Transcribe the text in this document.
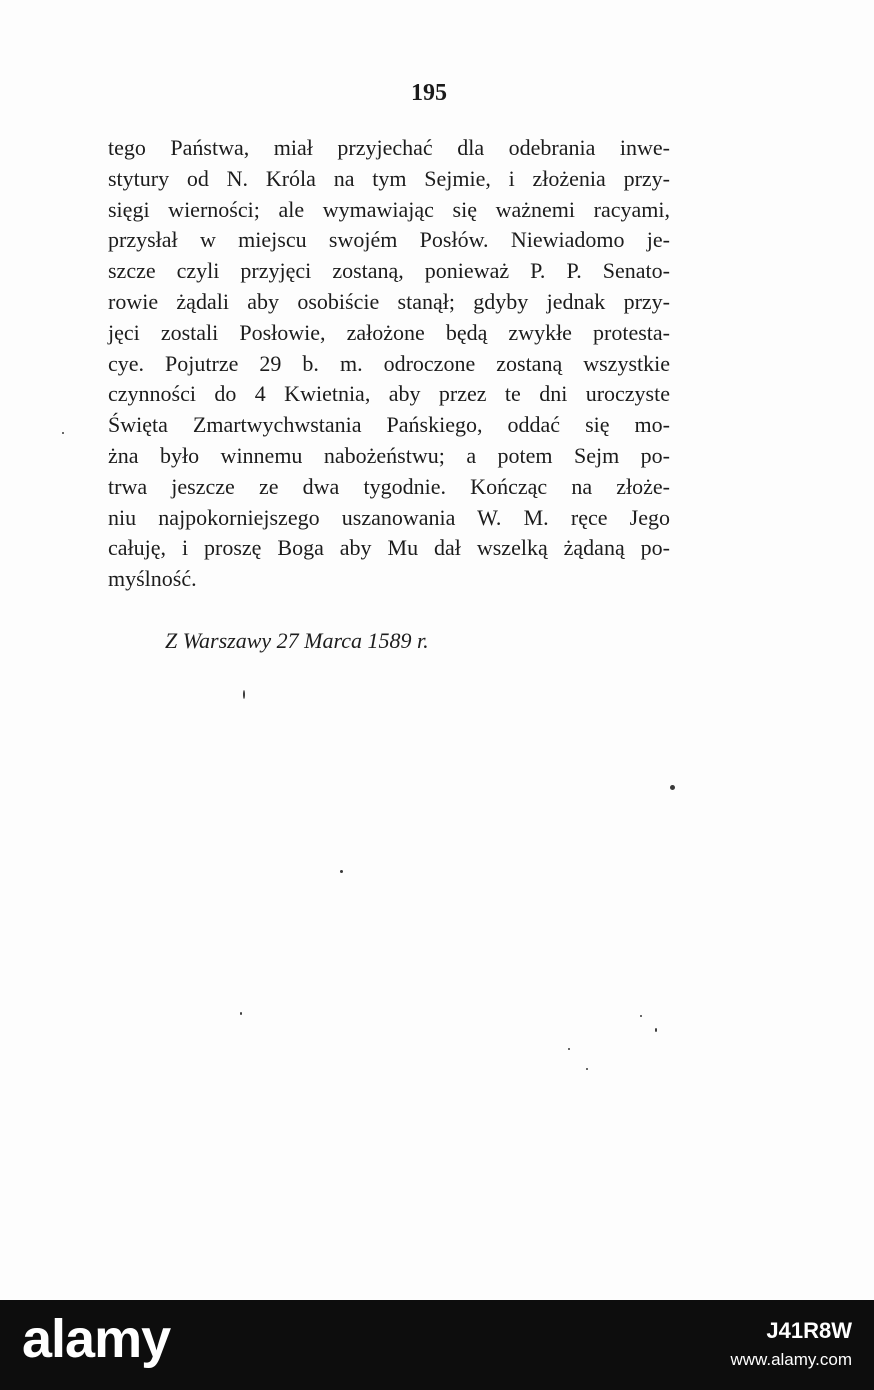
195
tego Państwa, miał przyjechać dla odebrania inwe-
stytury od N. Króla na tym Sejmie, i złożenia przy-
sięgi wierności; ale wymawiając się ważnemi racyami,
przysłał w miejscu swojém Posłów. Niewiadomo je-
szcze czyli przyjęci zostaną, ponieważ P. P. Senato-
rowie żądali aby osobiście stanął; gdyby jednak przy-
jęci zostali Posłowie, założone będą zwykłe protesta-
cye. Pojutrze 29 b. m. odroczone zostaną wszystkie
czynności do 4 Kwietnia, aby przez te dni uroczyste
Święta Zmartwychwstania Pańskiego, oddać się mo-
żna było winnemu nabożeństwu; a potem Sejm po-
trwa jeszcze ze dwa tygodnie. Kończąc na złoże-
niu najpokorniejszego uszanowania W. M. ręce Jego
całuję, i proszę Boga aby Mu dał wszelką żądaną po-
myślność.
Z Warszawy 27 Marca 1589 r.
alamy	J41R8W
www.alamy.com
